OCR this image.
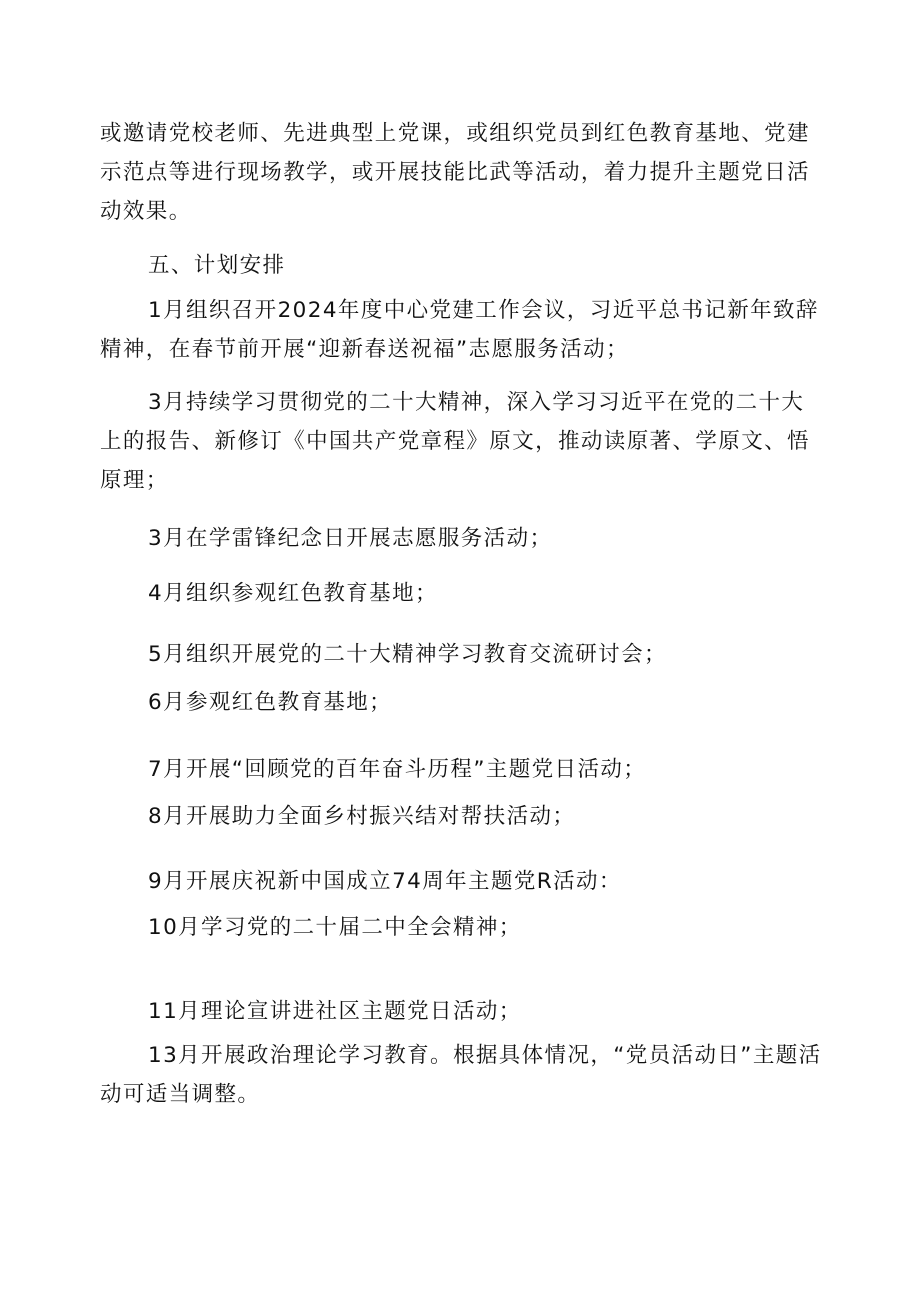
或邀请党校老师、先进典型上党课，或组织党员到红色教育基地、党建示范点等进行现场教学，或开展技能比武等活动，着力提升主题党日活动效果。

五、计划安排

1月组织召开2024年度中心党建工作会议，习近平总书记新年致辞精神，在春节前开展“迎新春送祝福”志愿服务活动；

3月持续学习贯彻党的二十大精神，深入学习习近平在党的二十大上的报告、新修订《中国共产党章程》原文，推动读原著、学原文、悟原理；

3月在学雷锋纪念日开展志愿服务活动；

4月组织参观红色教育基地；

5月组织开展党的二十大精神学习教育交流研讨会；

6月参观红色教育基地；

7月开展“回顾党的百年奋斗历程”主题党日活动；

8月开展助力全面乡村振兴结对帮扶活动；

9月开展庆祝新中国成立74周年主题党R活动：

10月学习党的二十届二中全会精神；

11月理论宣讲进社区主题党日活动；

13月开展政治理论学习教育。根据具体情况，“党员活动日”主题活动可适当调整。
